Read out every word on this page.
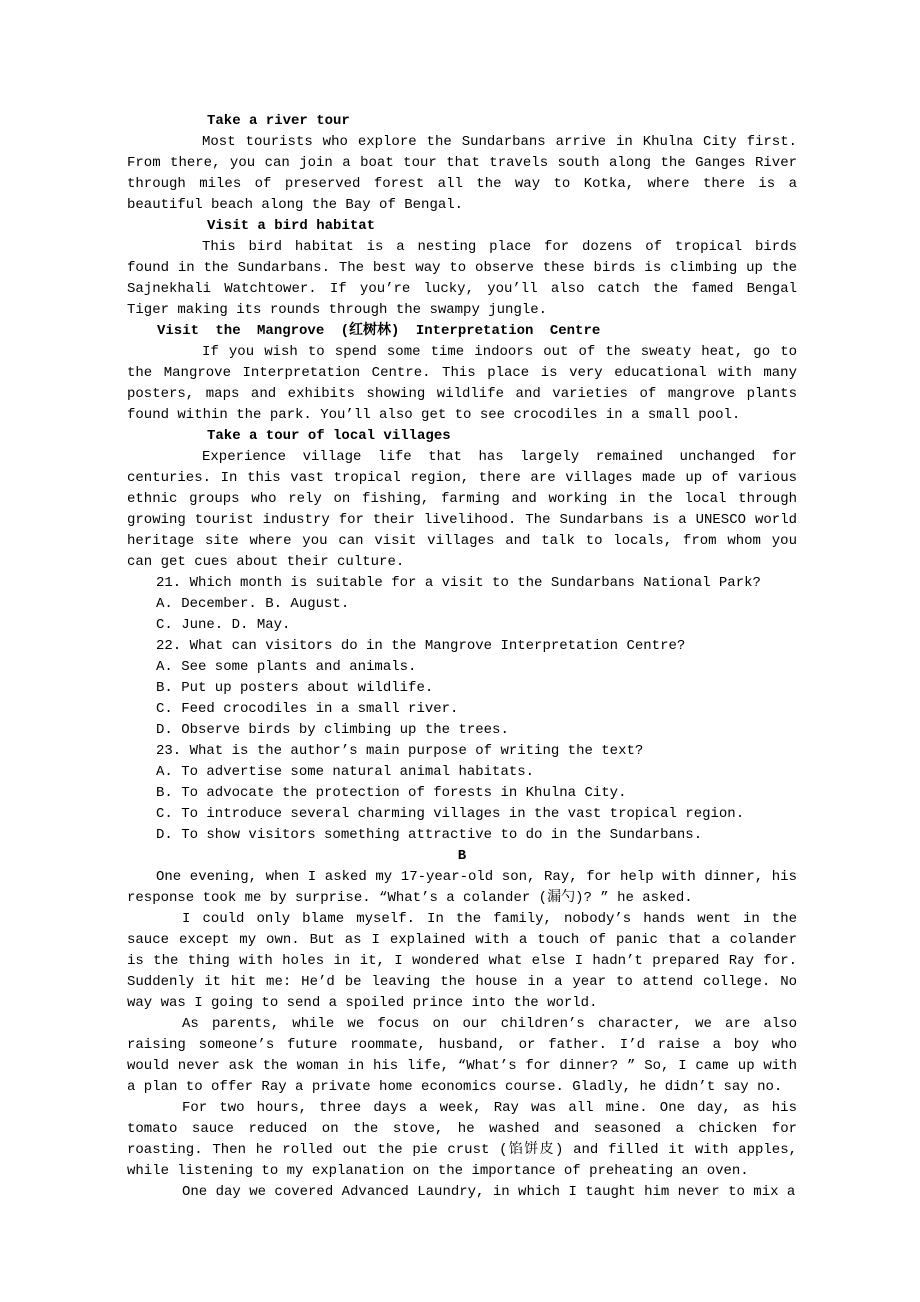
Take a river tour

Most tourists who explore the Sundarbans arrive in Khulna City first. From there, you can join a boat tour that travels south along the Ganges River through miles of preserved forest all the way to Kotka, where there is a beautiful beach along the Bay of Bengal.

Visit a bird habitat

This bird habitat is a nesting place for dozens of tropical birds found in the Sundarbans. The best way to observe these birds is climbing up the Sajnekhali Watchtower. If you’re lucky, you’ll also catch the famed Bengal Tiger making its rounds through the swampy jungle.

Visit the Mangrove (红树林) Interpretation Centre

If you wish to spend some time indoors out of the sweaty heat, go to the Mangrove Interpretation Centre. This place is very educational with many posters, maps and exhibits showing wildlife and varieties of mangrove plants found within the park. You’ll also get to see crocodiles in a small pool.

Take a tour of local villages

Experience village life that has largely remained unchanged for centuries. In this vast tropical region, there are villages made up of various ethnic groups who rely on fishing, farming and working in the local through growing tourist industry for their livelihood. The Sundarbans is a UNESCO world heritage site where you can visit villages and talk to locals, from whom you can get cues about their culture.

21. Which month is suitable for a visit to the Sundarbans National Park?
A. December. B. August.
C. June. D. May.
22. What can visitors do in the Mangrove Interpretation Centre?
A. See some plants and animals.
B. Put up posters about wildlife.
C. Feed crocodiles in a small river.
D. Observe birds by climbing up the trees.
23. What is the author’s main purpose of writing the text?
A. To advertise some natural animal habitats.
B. To advocate the protection of forests in Khulna City.
C. To introduce several charming villages in the vast tropical region.
D. To show visitors something attractive to do in the Sundarbans.
B

One evening, when I asked my 17-year-old son, Ray, for help with dinner, his response took me by surprise. “What’s a colander (漏勺)? ” he asked.

I could only blame myself. In the family, nobody’s hands went in the sauce except my own. But as I explained with a touch of panic that a colander is the thing with holes in it, I wondered what else I hadn’t prepared Ray for. Suddenly it hit me: He’d be leaving the house in a year to attend college. No way was I going to send a spoiled prince into the world.

As parents, while we focus on our children’s character, we are also raising someone’s future roommate, husband, or father. I’d raise a boy who would never ask the woman in his life, “What’s for dinner? ” So, I came up with a plan to offer Ray a private home economics course. Gladly, he didn’t say no.

For two hours, three days a week, Ray was all mine. One day, as his tomato sauce reduced on the stove, he washed and seasoned a chicken for roasting. Then he rolled out the pie crust (馅饼皮) and filled it with apples, while listening to my explanation on the importance of preheating an oven.

One day we covered Advanced Laundry, in which I taught him never to mix a
